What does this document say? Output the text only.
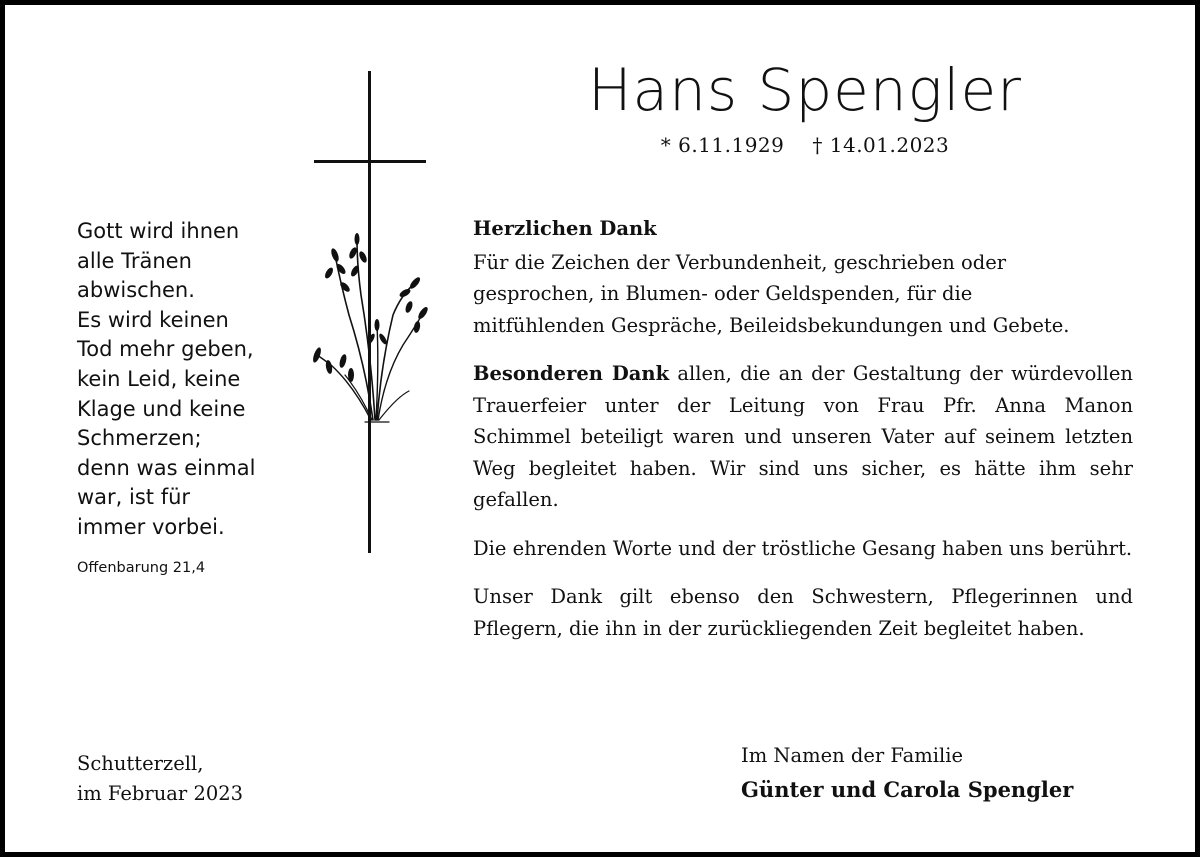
Hans Spengler
* 6.11.1929 † 14.01.2023
Gott wird ihnen
alle Tränen
abwischen.
Es wird keinen
Tod mehr geben,
kein Leid, keine
Klage und keine
Schmerzen;
denn was einmal
war, ist für
immer vorbei.
Offenbarung 21,4

Herzlichen Dank

Für die Zeichen der Verbundenheit, geschrieben oder
gesprochen, in Blumen- oder Geldspenden, für die
mitfühlenden Gespräche, Beileidsbekundungen und Gebete.

Besonderen Dank allen, die an der Gestaltung der würdevollen Trauerfeier unter der Leitung von Frau Pfr. Anna Manon Schimmel beteiligt waren und unseren Vater auf seinem letzten Weg begleitet haben. Wir sind uns sicher, es hätte ihm sehr gefallen.

Die ehrenden Worte und der tröstliche Gesang haben uns berührt.

Unser Dank gilt ebenso den Schwestern, Pflegerinnen und Pflegern, die ihn in der zurückliegenden Zeit begleitet haben.

Schutterzell,
im Februar 2023
Im Namen der Familie
Günter und Carola Spengler
